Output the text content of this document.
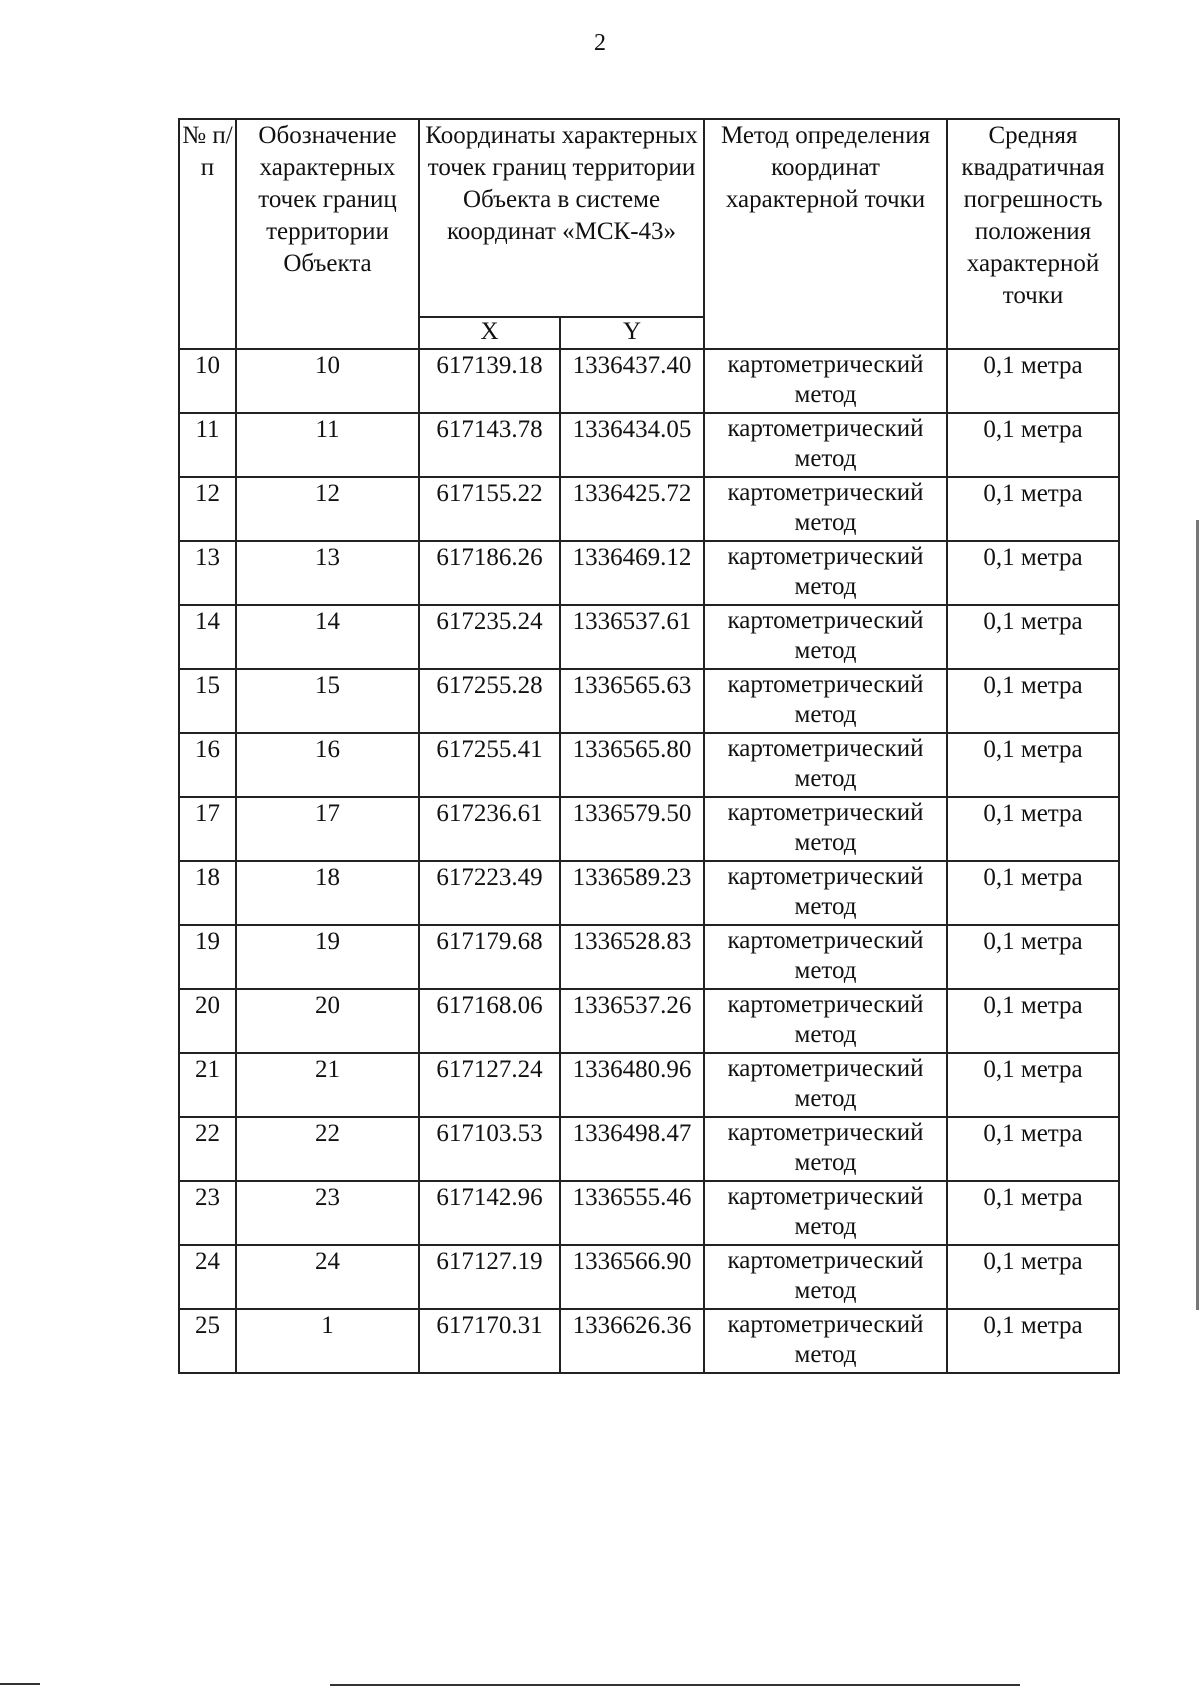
2
№ п/п	Обозначение характерных точек границ территории Объекта	Координаты характерных точек границ территории Объекта в системе координат «МСК-43»		Метод определения координат характерной точки	Средняя квадратичная погрешность положения характерной точки
		X	Y		
10	10	617139.18	1336437.40	картометрический метод	0,1 метра
11	11	617143.78	1336434.05	картометрический метод	0,1 метра
12	12	617155.22	1336425.72	картометрический метод	0,1 метра
13	13	617186.26	1336469.12	картометрический метод	0,1 метра
14	14	617235.24	1336537.61	картометрический метод	0,1 метра
15	15	617255.28	1336565.63	картометрический метод	0,1 метра
16	16	617255.41	1336565.80	картометрический метод	0,1 метра
17	17	617236.61	1336579.50	картометрический метод	0,1 метра
18	18	617223.49	1336589.23	картометрический метод	0,1 метра
19	19	617179.68	1336528.83	картометрический метод	0,1 метра
20	20	617168.06	1336537.26	картометрический метод	0,1 метра
21	21	617127.24	1336480.96	картометрический метод	0,1 метра
22	22	617103.53	1336498.47	картометрический метод	0,1 метра
23	23	617142.96	1336555.46	картометрический метод	0,1 метра
24	24	617127.19	1336566.90	картометрический метод	0,1 метра
25	1	617170.31	1336626.36	картометрический метод	0,1 метра
